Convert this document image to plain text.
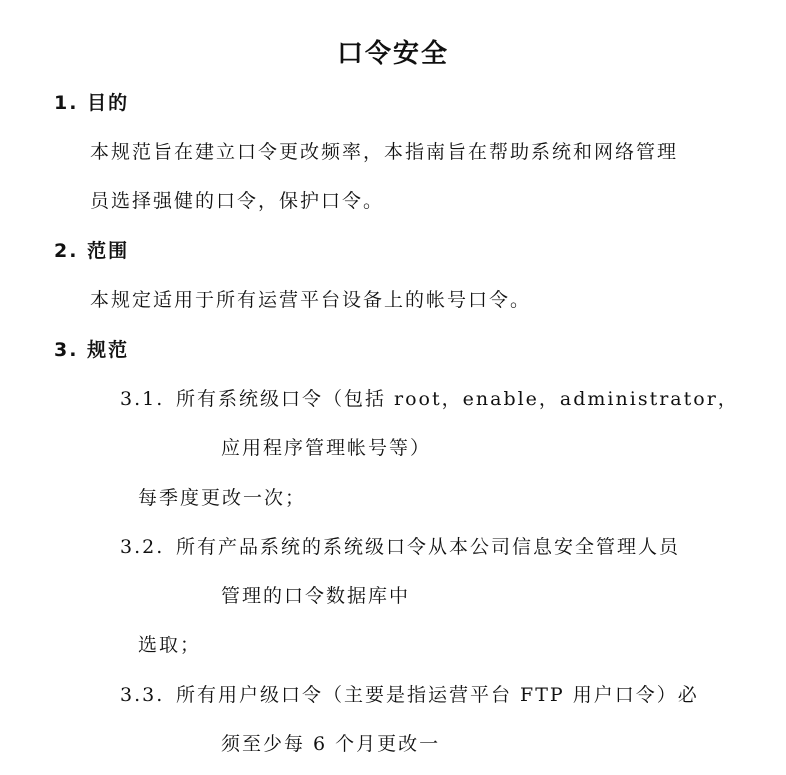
口令安全
1. 目的
本规范旨在建立口令更改频率，本指南旨在帮助系统和网络管理
员选择强健的口令，保护口令。
2. 范围
本规定适用于所有运营平台设备上的帐号口令。
3. 规范
3.1. 所有系统级口令（包括 root，enable，administrator，
应用程序管理帐号等）
每季度更改一次；
3.2. 所有产品系统的系统级口令从本公司信息安全管理人员
管理的口令数据库中
选取；
3.3. 所有用户级口令（主要是指运营平台 FTP 用户口令）必
须至少每 6 个月更改一
